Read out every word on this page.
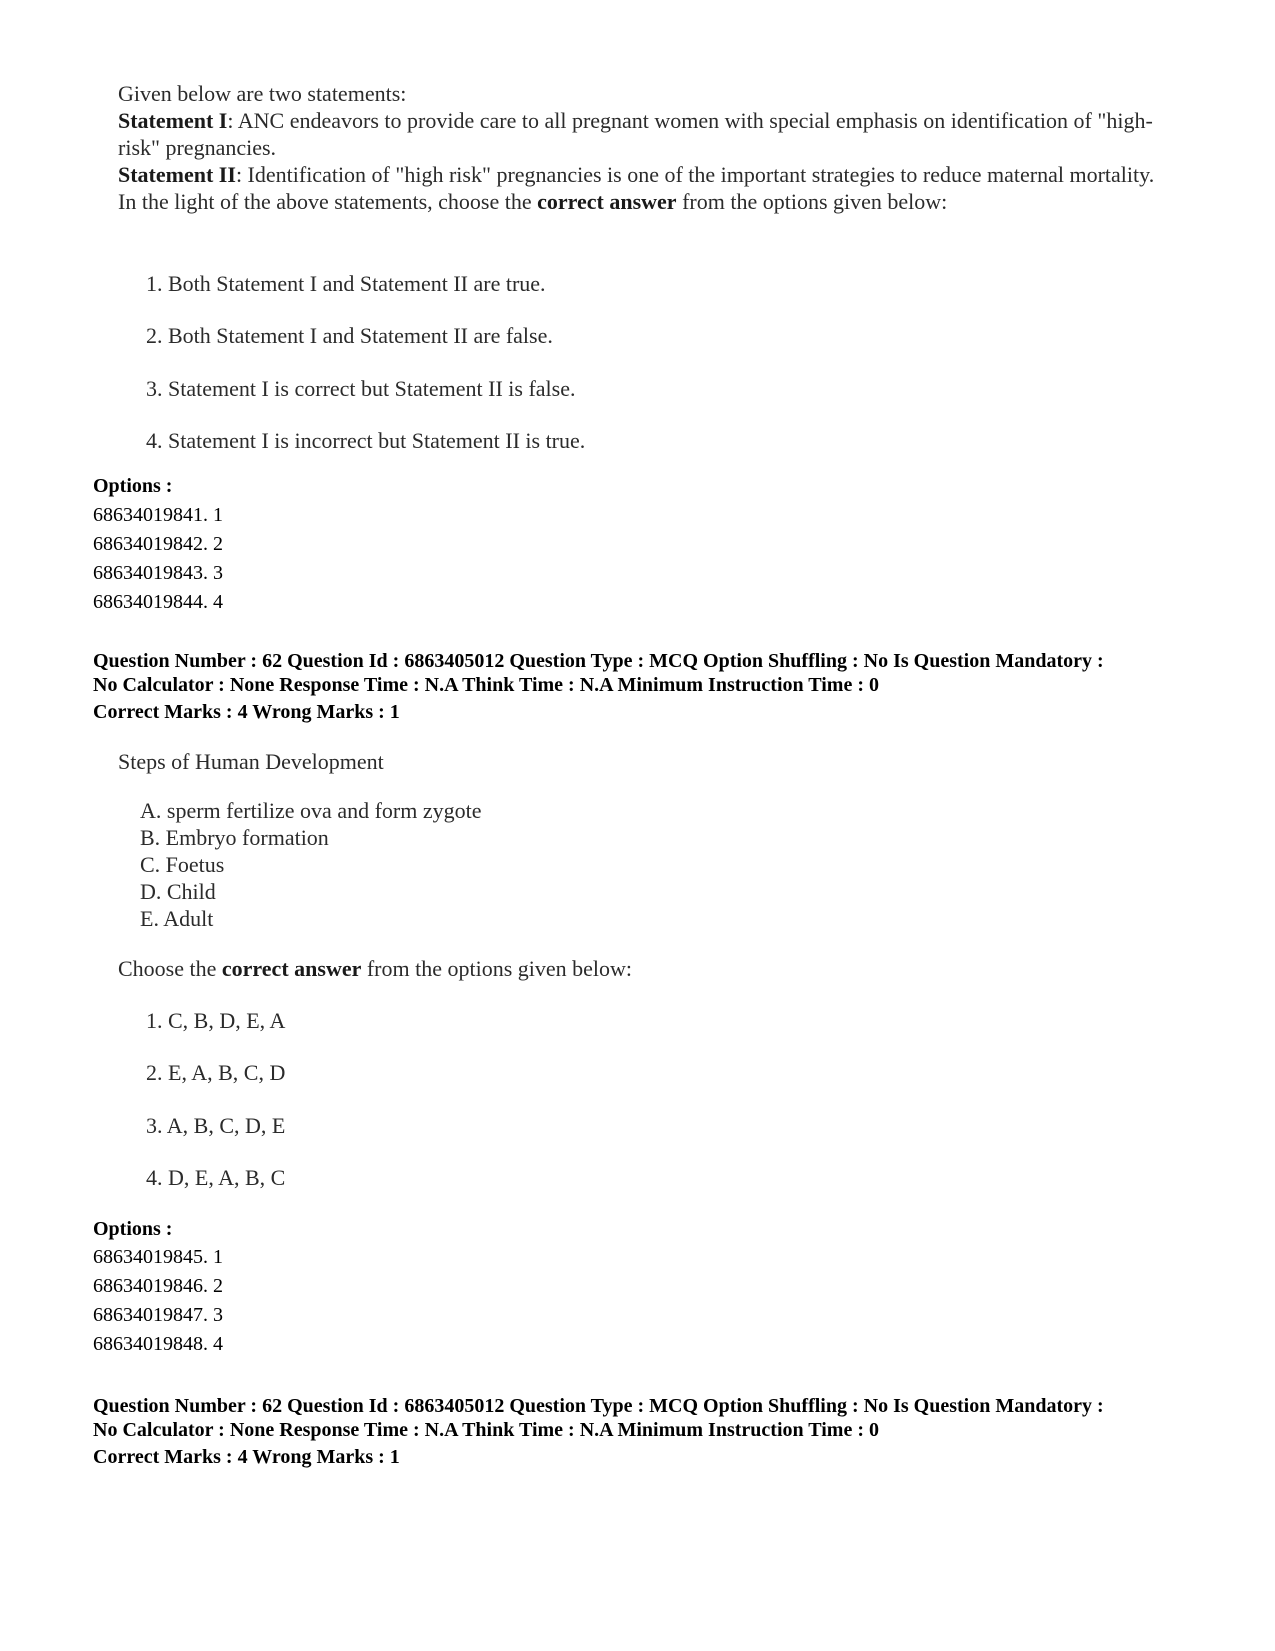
Given below are two statements:

Statement I: ANC endeavors to provide care to all pregnant women with special emphasis on identification of "high-risk" pregnancies.

Statement II: Identification of "high risk" pregnancies is one of the important strategies to reduce maternal mortality.

In the light of the above statements, choose the correct answer from the options given below:

1. Both Statement I and Statement II are true.
2. Both Statement I and Statement II are false.
3. Statement I is correct but Statement II is false.
4. Statement I is incorrect but Statement II is true.
Options :
68634019841. 1
68634019842. 2
68634019843. 3
68634019844. 4
Question Number : 62 Question Id : 6863405012 Question Type : MCQ Option Shuffling : No Is Question Mandatory :
No Calculator : None Response Time : N.A Think Time : N.A Minimum Instruction Time : 0
Correct Marks : 4 Wrong Marks : 1

Steps of Human Development

A. sperm fertilize ova and form zygote
B. Embryo formation
C. Foetus
D. Child
E. Adult

Choose the correct answer from the options given below:

1. C, B, D, E, A
2. E, A, B, C, D
3. A, B, C, D, E
4. D, E, A, B, C
Options :
68634019845. 1
68634019846. 2
68634019847. 3
68634019848. 4
Question Number : 62 Question Id : 6863405012 Question Type : MCQ Option Shuffling : No Is Question Mandatory :
No Calculator : None Response Time : N.A Think Time : N.A Minimum Instruction Time : 0
Correct Marks : 4 Wrong Marks : 1
